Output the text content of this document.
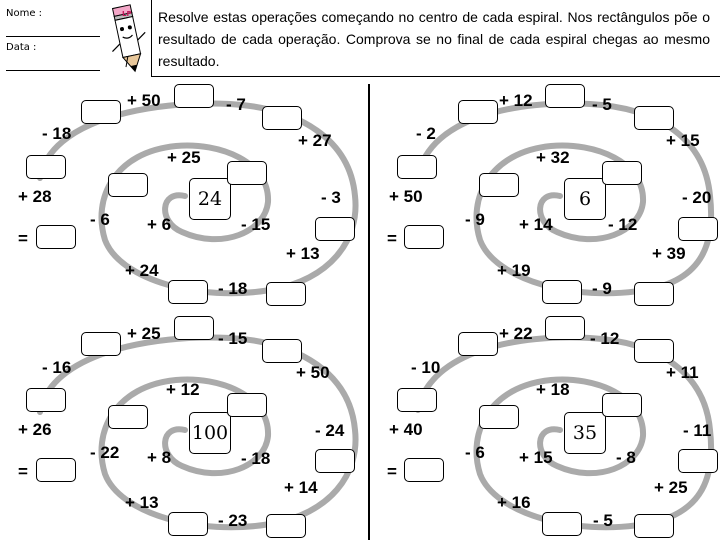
Nome :
Data :
LP Resolve estas operações começando no centro de cada espiral. Nos rectângulos põe o resultado de cada operação. Comprova se no final de cada espiral chegas ao mesmo resultado.
24
- 6 + 6	- 15
+ 13
- 18
+ 24
+ 28
- 18
+ 50	- 7
+ 27
- 3
+ 25
=
6
- 9 + 14	- 12
+ 39
- 9
+ 19
+ 50
- 2
+ 12	- 5
+ 15
- 20
+ 32
=
100
- 22 + 8	- 18
+ 14
- 23
+ 13
+ 26
- 16
+ 25	- 15
+ 50
- 24
+ 12
=
35
- 6 + 15	- 8
+ 25
- 5
+ 16
+ 40
- 10
+ 22	- 12
+ 11
- 11
+ 18
=
